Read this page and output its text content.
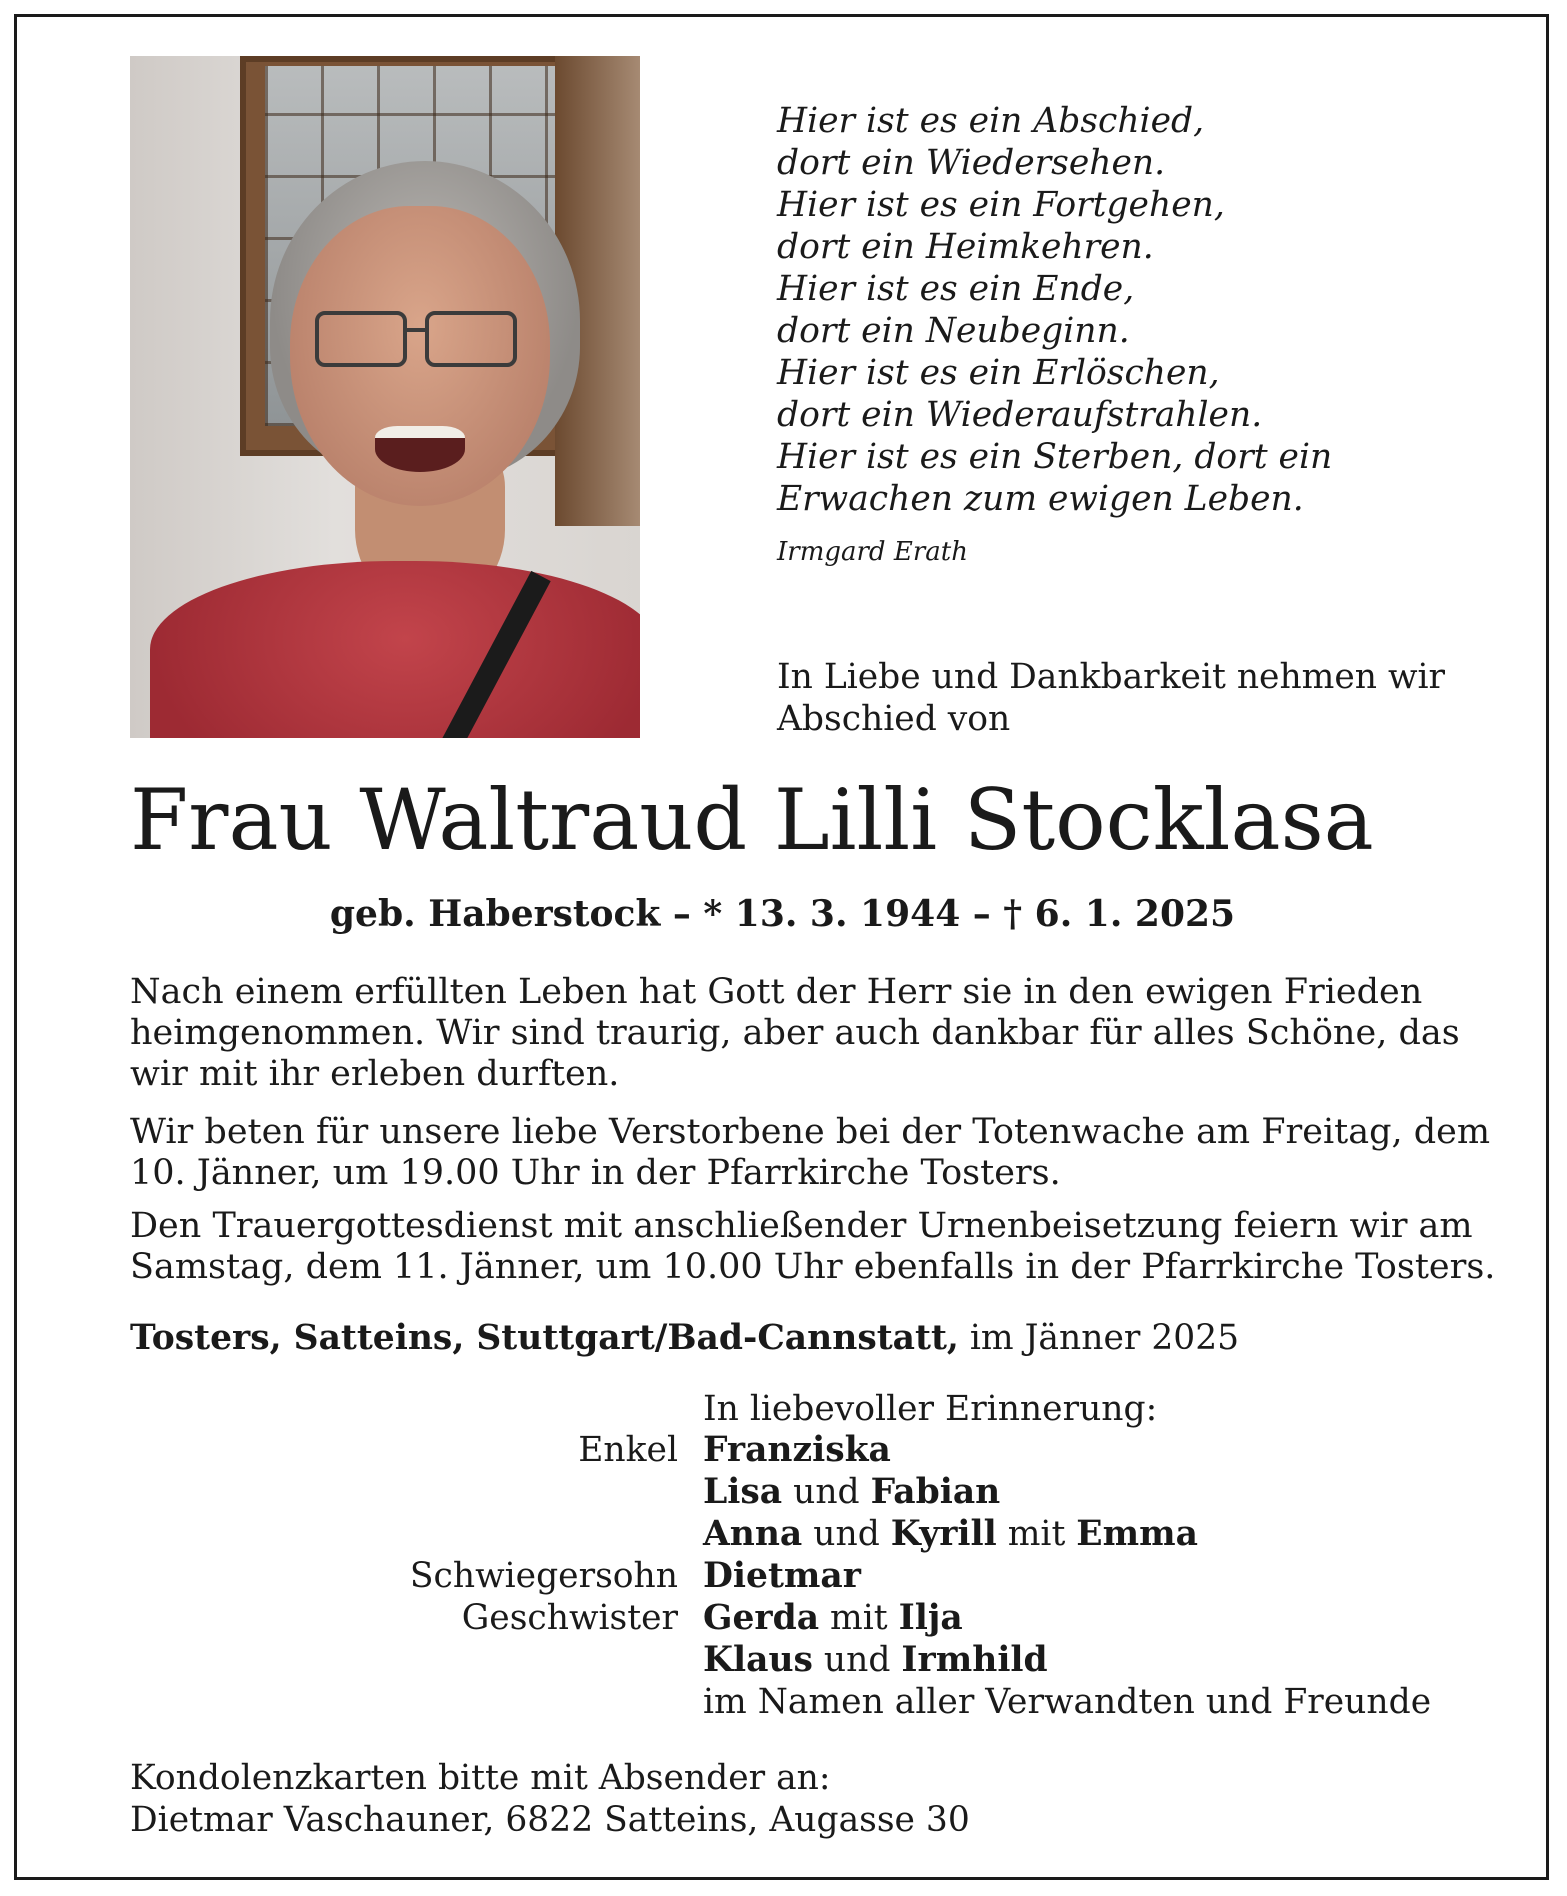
Hier ist es ein Abschied,
dort ein Wiedersehen.
Hier ist es ein Fortgehen,
dort ein Heimkehren.
Hier ist es ein Ende,
dort ein Neubeginn.
Hier ist es ein Erlöschen,
dort ein Wiederaufstrahlen.
Hier ist es ein Sterben, dort ein
Erwachen zum ewigen Leben.
Irmgard Erath
In Liebe und Dankbarkeit nehmen wir
Abschied von
Frau Waltraud Lilli Stocklasa
geb. Haberstock – * 13. 3. 1944 – † 6. 1. 2025
Nach einem erfüllten Leben hat Gott der Herr sie in den ewigen Frieden
heimgenommen. Wir sind traurig, aber auch dankbar für alles Schöne, das
wir mit ihr erleben durften.
Wir beten für unsere liebe Verstorbene bei der Totenwache am Freitag, dem
10. Jänner, um 19.00 Uhr in der Pfarrkirche Tosters.
Den Trauergottesdienst mit anschließender Urnenbeisetzung feiern wir am
Samstag, dem 11. Jänner, um 10.00 Uhr ebenfalls in der Pfarrkirche Tosters.
Tosters, Satteins, Stuttgart/Bad-Cannstatt, im Jänner 2025
In liebevoller Erinnerung:
Enkel Franziska
Lisa und Fabian
Anna und Kyrill mit Emma
Schwiegersohn Dietmar
Geschwister Gerda mit Ilja
Klaus und Irmhild
im Namen aller Verwandten und Freunde
Kondolenzkarten bitte mit Absender an:
Dietmar Vaschauner, 6822 Satteins, Augasse 30
